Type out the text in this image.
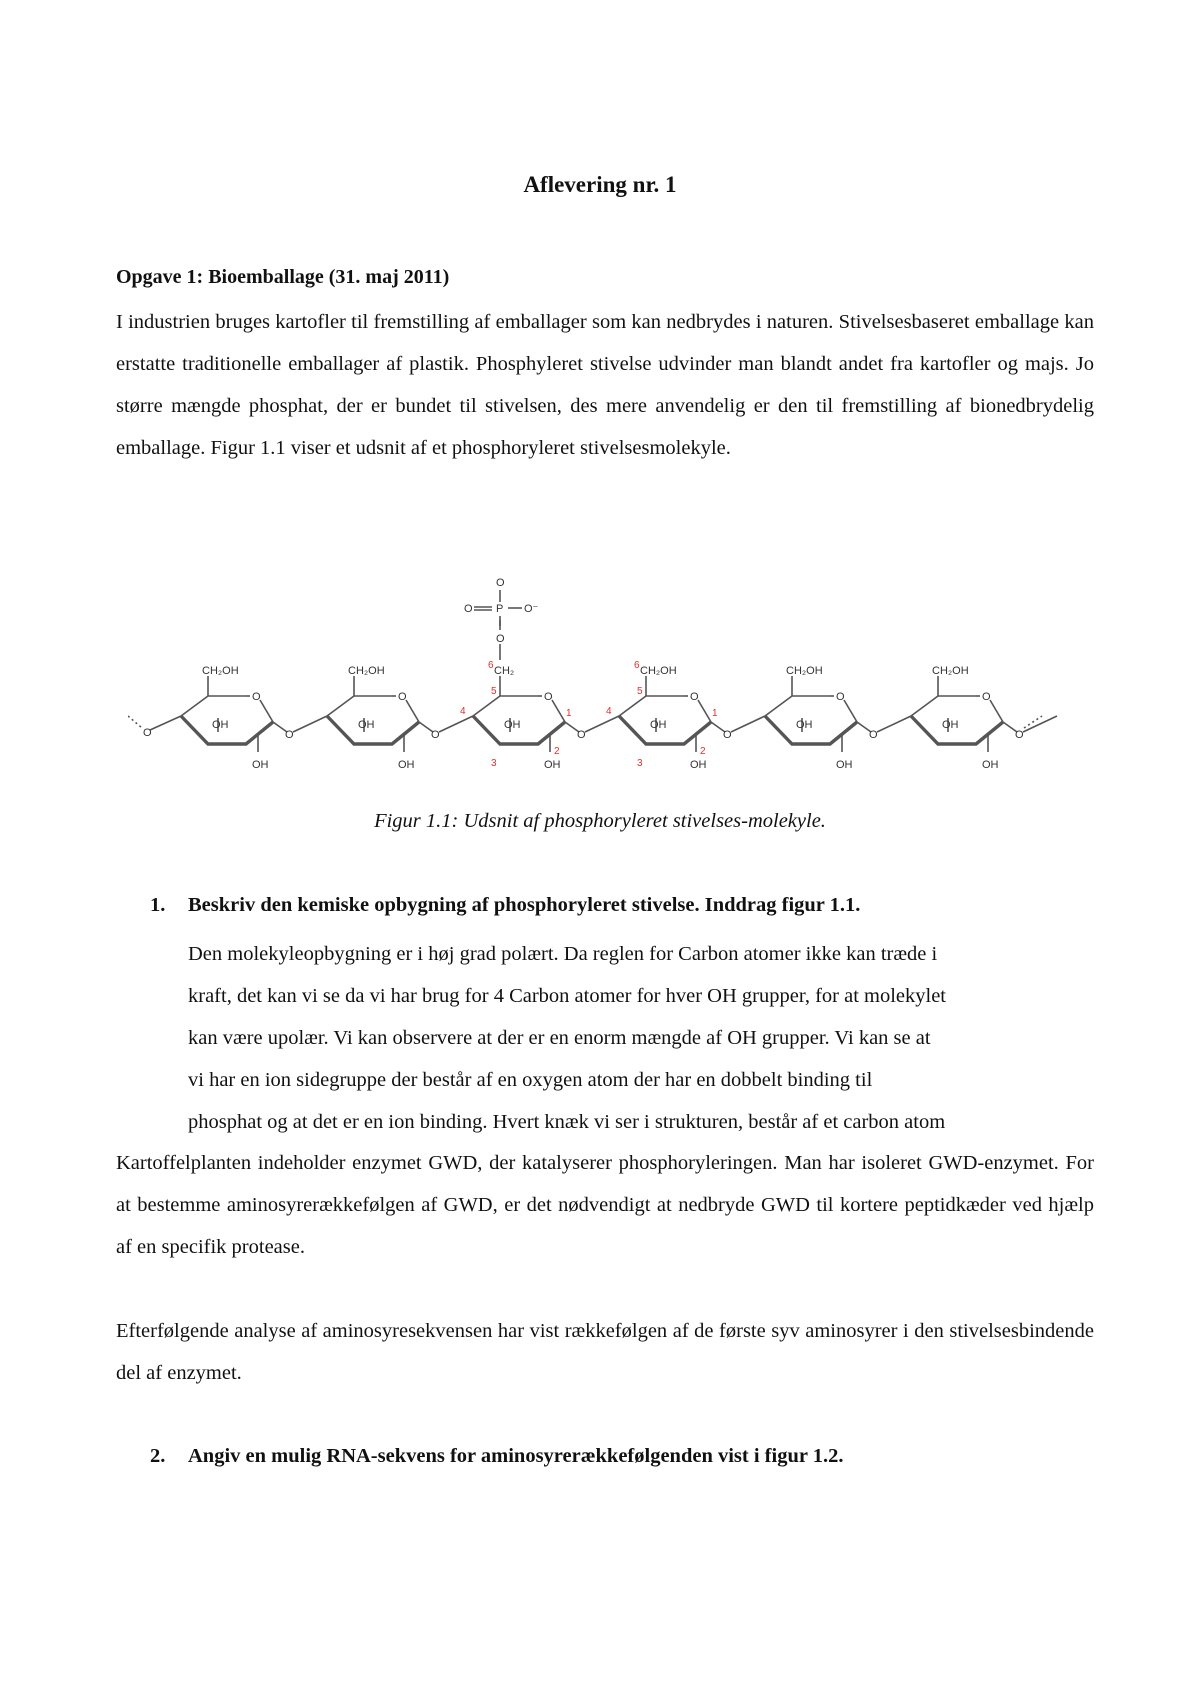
Aflevering nr. 1
Opgave 1: Bioemballage (31. maj 2011)

I industrien bruges kartofler til fremstilling af emballager som kan nedbrydes i naturen. Stivelsesbaseret emballage kan erstatte traditionelle emballager af plastik. Phosphyleret stivelse udvinder man blandt andet fra kartofler og majs. Jo større mængde phosphat, der er bundet til stivelsen, des mere anvendelig er den til fremstilling af bionedbrydelig emballage. Figur 1.1 viser et udsnit af et phosphoryleret stivelsesmolekyle.

O
CH₂OH
OH
OH
O
O
CH₂OH
OH
OH
O
O
CH₂
OH
OH
O
4
5
3
2
1
6
O
O
CH₂OH
OH
OH
O
4
5
3
2
1
6
O
CH₂OH
OH
OH
O
O
CH₂OH
OH
OH
O
O
O
O P O⁻

Figur 1.1: Udsnit af phosphoryleret stivelses-molekyle.

1. Beskriv den kemiske opbygning af phosphoryleret stivelse. Inddrag figur 1.1.

Den molekyleopbygning er i høj grad polært. Da reglen for Carbon atomer ikke kan træde i
kraft, det kan vi se da vi har brug for 4 Carbon atomer for hver OH grupper, for at molekylet
kan være upolær. Vi kan observere at der er en enorm mængde af OH grupper. Vi kan se at
vi har en ion sidegruppe der består af en oxygen atom der har en dobbelt binding til
phosphat og at det er en ion binding. Hvert knæk vi ser i strukturen, består af et carbon atom

Kartoffelplanten indeholder enzymet GWD, der katalyserer phosphoryleringen. Man har isoleret GWD-enzymet. For at bestemme aminosyrerækkefølgen af GWD, er det nødvendigt at nedbryde GWD til kortere peptidkæder ved hjælp af en specifik protease.

Efterfølgende analyse af aminosyresekvensen har vist rækkefølgen af de første syv aminosyrer i den stivelsesbindende del af enzymet.

2. Angiv en mulig RNA-sekvens for aminosyrerækkefølgenden vist i figur 1.2.
